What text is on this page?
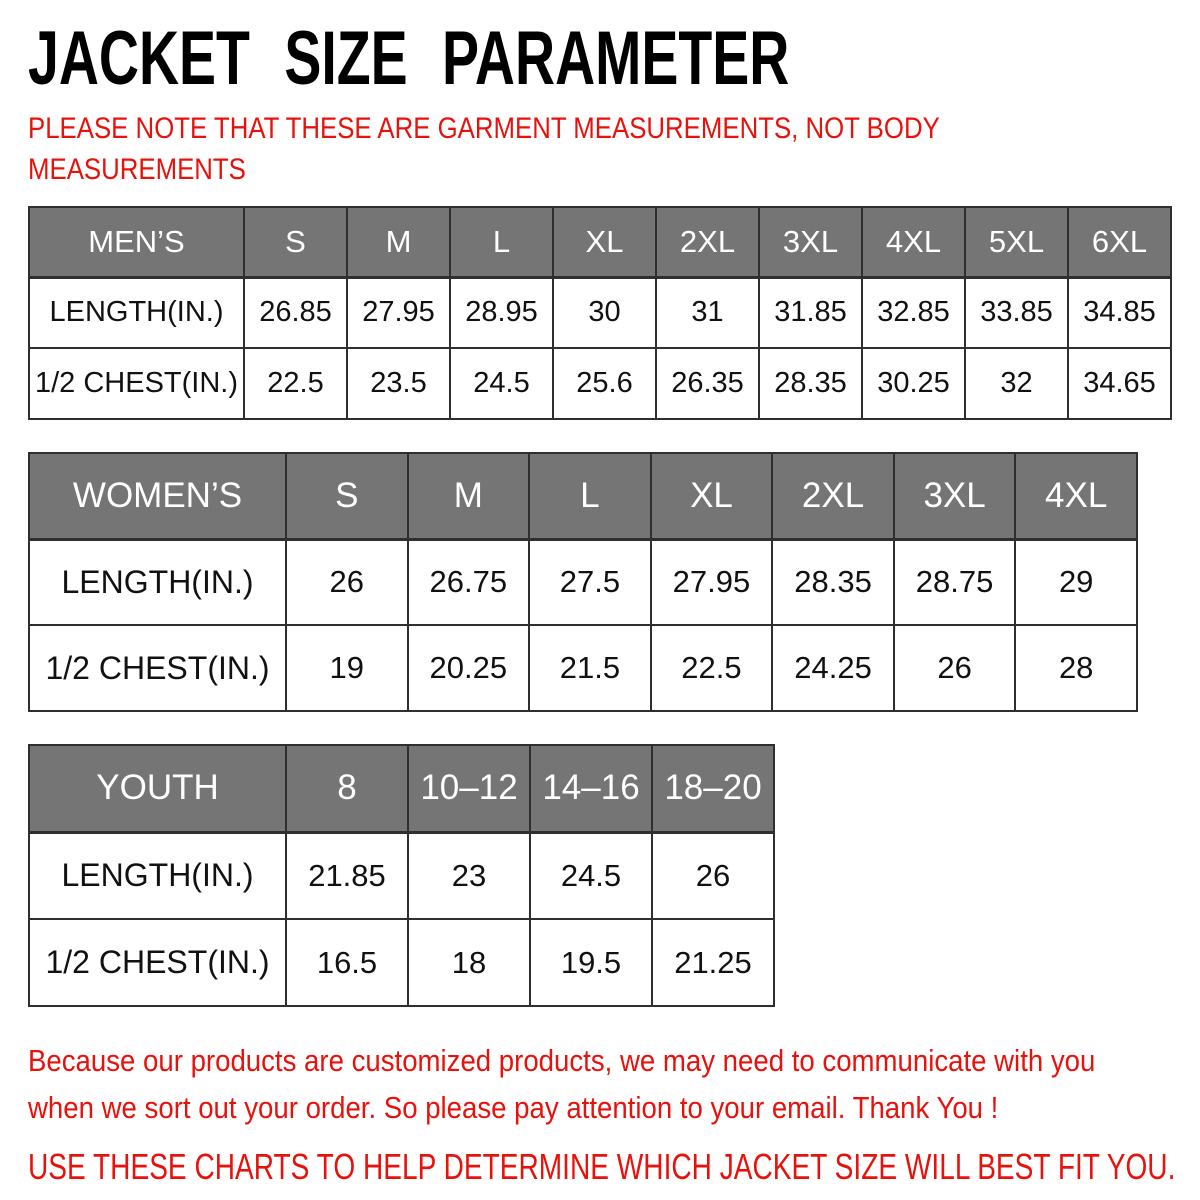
JACKET SIZE PARAMETER
PLEASE NOTE THAT THESE ARE GARMENT MEASUREMENTS, NOT BODY
MEASUREMENTS
MEN’S	S	M	L	XL	2XL	3XL	4XL	5XL	6XL
LENGTH(IN.)	26.85	27.95	28.95	30	31	31.85	32.85	33.85	34.85
1/2 CHEST(IN.)	22.5	23.5	24.5	25.6	26.35	28.35	30.25	32	34.65
WOMEN’S	S	M	L	XL	2XL	3XL	4XL
LENGTH(IN.)	26	26.75	27.5	27.95	28.35	28.75	29
1/2 CHEST(IN.)	19	20.25	21.5	22.5	24.25	26	28
YOUTH	8	10–12	14–16	18–20
LENGTH(IN.)	21.85	23	24.5	26
1/2 CHEST(IN.)	16.5	18	19.5	21.25

Because our products are customized products, we may need to communicate with you
when we sort out your order. So please pay attention to your email. Thank You !

USE THESE CHARTS TO HELP DETERMINE WHICH JACKET SIZE WILL BEST FIT YOU.
